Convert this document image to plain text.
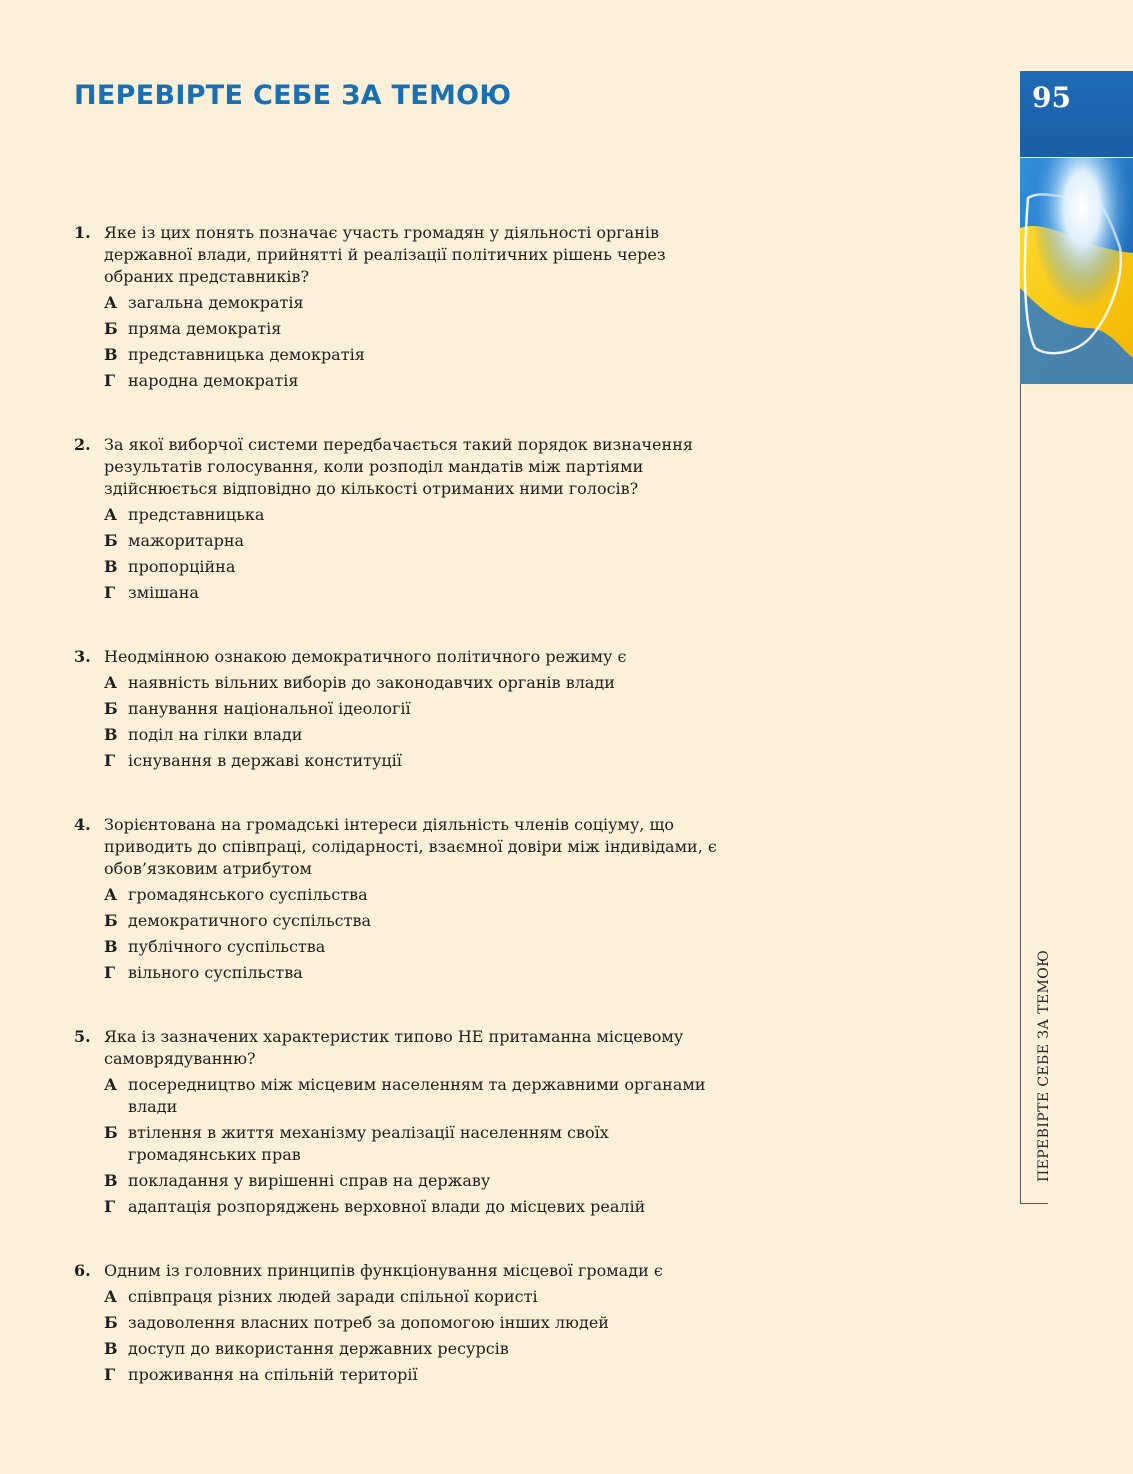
ПЕРЕВІРТЕ СЕБЕ ЗА ТЕМОЮ	95
ПЕРЕВІРТЕ СЕБЕ ЗА ТЕМОЮ
1. Яке із цих понять позначає участь громадян у діяльності органів державної влади, прийнятті й реалізації політичних рішень через обраних представників?
А загальна демократія
Б пряма демократія
В представницька демократія
Г народна демократія
2. За якої виборчої системи передбачається такий порядок визначення результатів голосування, коли розподіл мандатів між партіями здійснюється відповідно до кількості отриманих ними голосів?
А представницька
Б мажоритарна
В пропорційна
Г змішана
3. Неодмінною ознакою демократичного політичного режиму є
А наявність вільних виборів до законодавчих органів влади
Б панування національної ідеології
В поділ на гілки влади
Г існування в державі конституції
4. Зорієнтована на громадські інтереси діяльність членів соціуму, що приводить до співпраці, солідарності, взаємної довіри між індивідами, є обов’язковим атрибутом
А громадянського суспільства
Б демократичного суспільства
В публічного суспільства
Г вільного суспільства
5. Яка із зазначених характеристик типово НЕ притаманна місцевому самоврядуванню?
А посередництво між місцевим населенням та державними органами влади
Б втілення в життя механізму реалізації населенням своїх громадянських прав
В покладання у вирішенні справ на державу
Г адаптація розпоряджень верховної влади до місцевих реалій
6. Одним із головних принципів функціонування місцевої громади є
А співпраця різних людей заради спільної користі
Б задоволення власних потреб за допомогою інших людей
В доступ до використання державних ресурсів
Г проживання на спільній території
